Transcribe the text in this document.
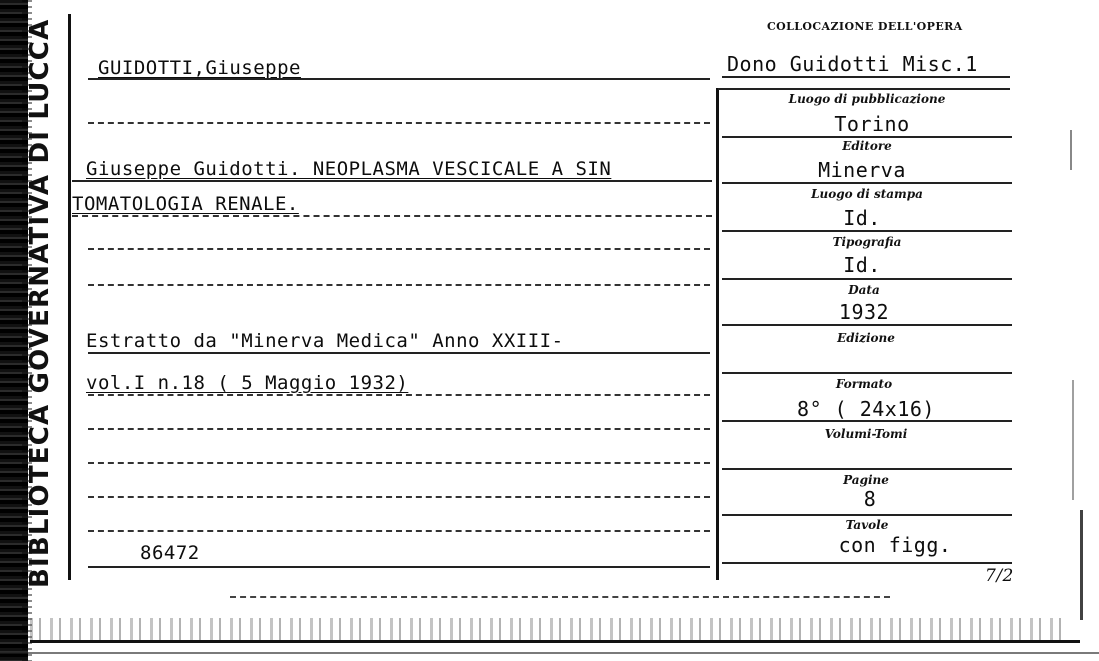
BIBLIOTECA GOVERNATIVA DI LUCCA	COLLOCAZIONE DELL'OPERA
Dono Guidotti Misc.1
GUIDOTTI,Giuseppe
Giuseppe Guidotti. NEOPLASMA VESCICALE A SIN
TOMATOLOGIA RENALE.
Estratto da "Minerva Medica" Anno XXIII-
vol.I n.18 ( 5 Maggio 1932)
86472
Luogo di pubblicazione
Torino
Editore
Minerva
Luogo di stampa
Id.
Tipografia
Id.
Data
1932
Edizione
Formato
8° ( 24x16)
Volumi-Tomi
Pagine
8
Tavole
con figg.
7/2
